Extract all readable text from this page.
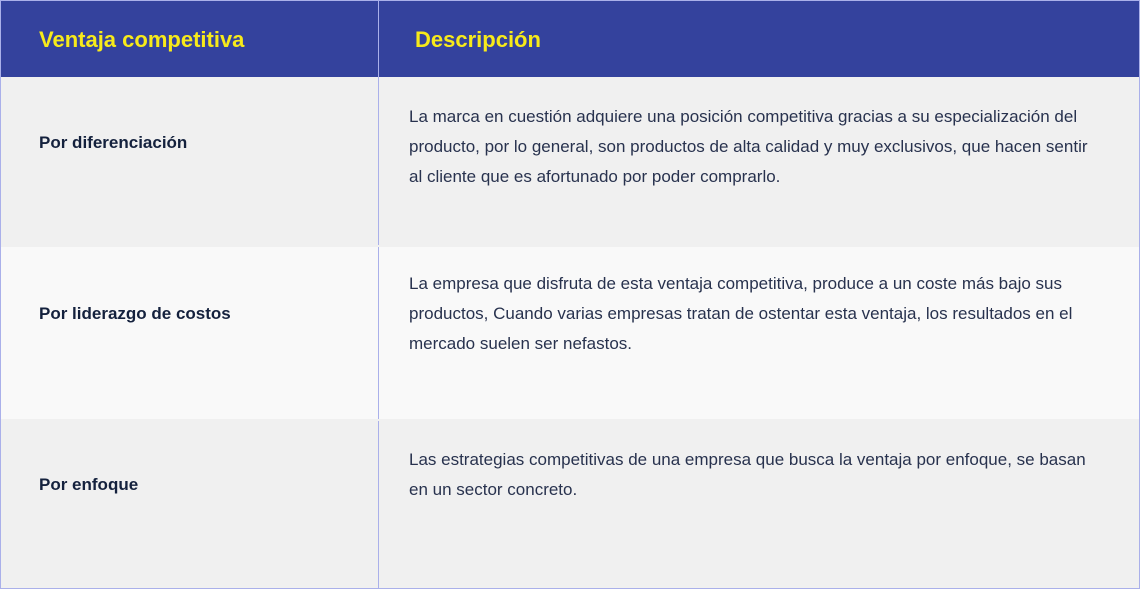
Ventaja competitiva	Descripción
Por diferenciación
La marca en cuestión adquiere una posición competitiva gracias a su especialización del producto, por lo general, son productos de alta calidad y muy exclusivos, que hacen sentir al cliente que es afortunado por poder comprarlo.
Por liderazgo de costos
La empresa que disfruta de esta ventaja competitiva, produce a un coste más bajo sus productos, Cuando varias empresas tratan de ostentar esta ventaja, los resultados en el mercado suelen ser nefastos.
Por enfoque
Las estrategias competitivas de una empresa que busca la ventaja por enfoque, se basan en un sector concreto.
